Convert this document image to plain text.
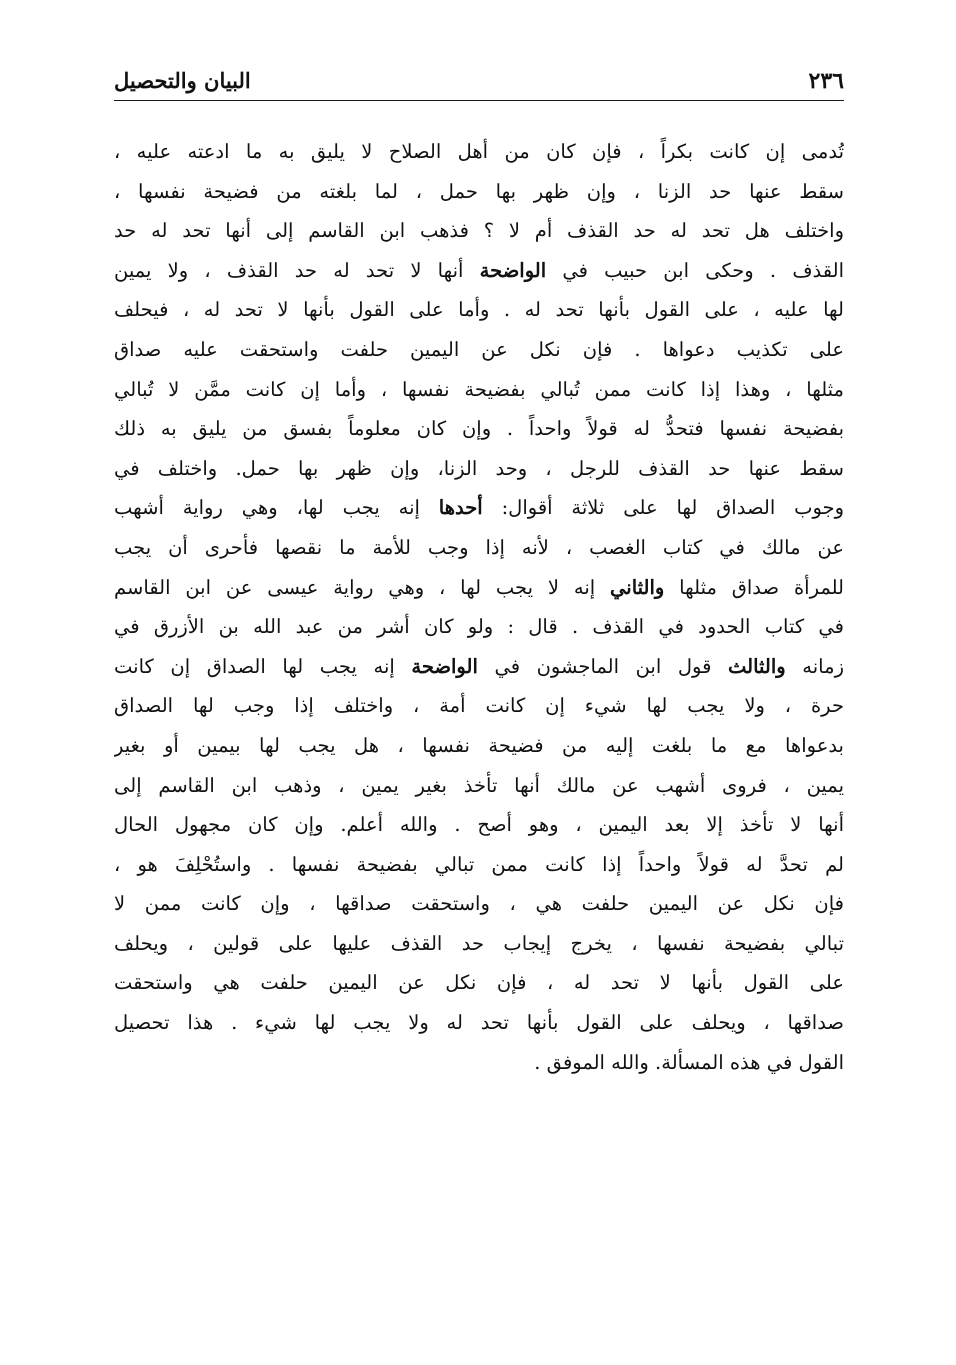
٢٣٦
البيان والتحصيل
تُدمى إن كانت بكراً ، فإن كان من أهل الصلاح لا يليق به ما ادعته عليه ،
سقط عنها حد الزنا ، وإن ظهر بها حمل ، لما بلغته من فضيحة نفسها ،
واختلف هل تحد له حد القذف أم لا ؟ فذهب ابن القاسم إلى أنها تحد له حد
القذف . وحكى ابن حبيب في الواضحة أنها لا تحد له حد القذف ، ولا يمين
لها عليه ، على القول بأنها تحد له . وأما على القول بأنها لا تحد له ، فيحلف
على تكذيب دعواها . فإن نكل عن اليمين حلفت واستحقت عليه صداق
مثلها ، وهذا إذا كانت ممن تُبالي بفضيحة نفسها ، وأما إن كانت ممَّن لا تُبالي
بفضيحة نفسها فتحدُّ له قولاً واحداً . وإن كان معلوماً بفسق من يليق به ذلك
سقط عنها حد القذف للرجل ، وحد الزنا، وإن ظهر بها حمل. واختلف في
وجوب الصداق لها على ثلاثة أقوال: أحدها إنه يجب لها، وهي رواية أشهب
عن مالك في كتاب الغصب ، لأنه إذا وجب للأمة ما نقصها فأحرى أن يجب
للمرأة صداق مثلها والثاني إنه لا يجب لها ، وهي رواية عيسى عن ابن القاسم
في كتاب الحدود في القذف . قال : ولو كان أشر من عبد الله بن الأزرق في
زمانه والثالث قول ابن الماجشون في الواضحة إنه يجب لها الصداق إن كانت
حرة ، ولا يجب لها شيء إن كانت أمة ، واختلف إذا وجب لها الصداق
بدعواها مع ما بلغت إليه من فضيحة نفسها ، هل يجب لها بيمين أو بغير
يمين ، فروى أشهب عن مالك أنها تأخذ بغير يمين ، وذهب ابن القاسم إلى
أنها لا تأخذ إلا بعد اليمين ، وهو أصح . والله أعلم. وإن كان مجهول الحال
لم تحدَّ له قولاً واحداً إذا كانت ممن تبالي بفضيحة نفسها . واستُحْلِفَ هو ،
فإن نكل عن اليمين حلفت هي ، واستحقت صداقها ، وإن كانت ممن لا
تبالي بفضيحة نفسها ، يخرج إيجاب حد القذف عليها على قولين ، ويحلف
على القول بأنها لا تحد له ، فإن نكل عن اليمين حلفت هي واستحقت
صداقها ، ويحلف على القول بأنها تحد له ولا يجب لها شيء . هذا تحصيل
القول في هذه المسألة. والله الموفق .
